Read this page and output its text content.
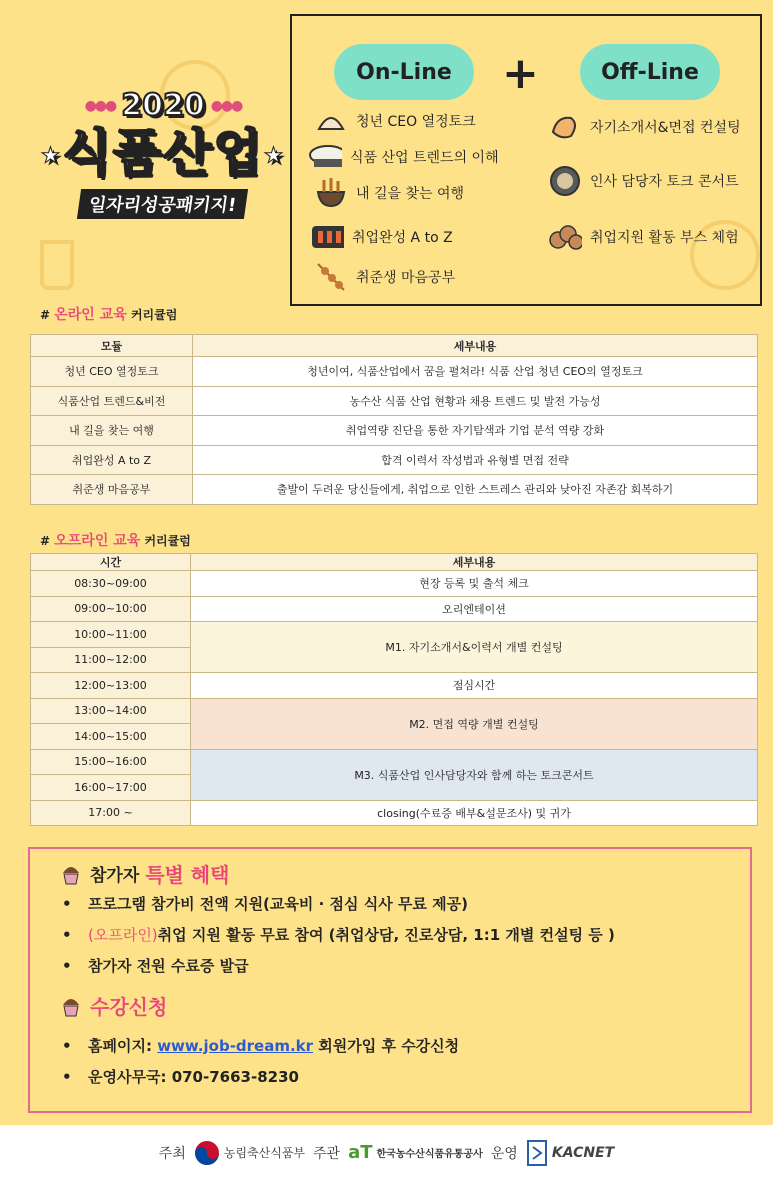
●●● 2020 ●●●
★식품산업★
일자리성공패키지!
On-Line	+	Off-Line
청년 CEO 열정토크
식품 산업 트렌드의 이해
내 길을 찾는 여행
취업완성 A to Z
취준생 마음공부
자기소개서&면접 컨설팅
인사 담당자 토크 콘서트
취업지원 활동 부스 체험
# 온라인 교육 커리큘럼
모듈	세부내용
청년 CEO 열정토크	청년이여, 식품산업에서 꿈을 펼쳐라! 식품 산업 청년 CEO의 열정토크
식품산업 트렌드&비전	농수산 식품 산업 현황과 채용 트렌드 및 발전 가능성
내 길을 찾는 여행	취업역량 진단을 통한 자기탐색과 기업 분석 역량 강화
취업완성 A to Z	합격 이력서 작성법과 유형별 면접 전략
취준생 마음공부	출발이 두려운 당신들에게, 취업으로 인한 스트레스 관리와 낮아진 자존감 회복하기
# 오프라인 교육 커리큘럼
시간	세부내용
08:30~09:00	현장 등록 및 출석 체크
09:00~10:00	오리엔테이션
10:00~11:00	M1. 자기소개서&이력서 개별 컨설팅
11:00~12:00	
12:00~13:00	점심시간
13:00~14:00	M2. 면접 역량 개별 컨설팅
14:00~15:00	
15:00~16:00	M3. 식품산업 인사담당자와 함께 하는 토크콘서트
16:00~17:00	
17:00 ~	closing(수료증 배부&설문조사) 및 귀가
참가자
특별 혜택
• 프로그램 참가비 전액 지원(교육비 · 점심 식사 무료 제공)
• (오프라인)취업 지원 활동 무료 참여 (취업상담, 진로상담, 1:1 개별 컨설팅 등 )
• 참가자 전원 수료증 발급
수강신청
• 홈페이지: www.job-dream.kr 회원가입 후 수강신청
• 운영사무국: 070-7663-8230
주최	농림축산식품부 주관 aT 한국농수산식품유통공사 운영 KACNET
